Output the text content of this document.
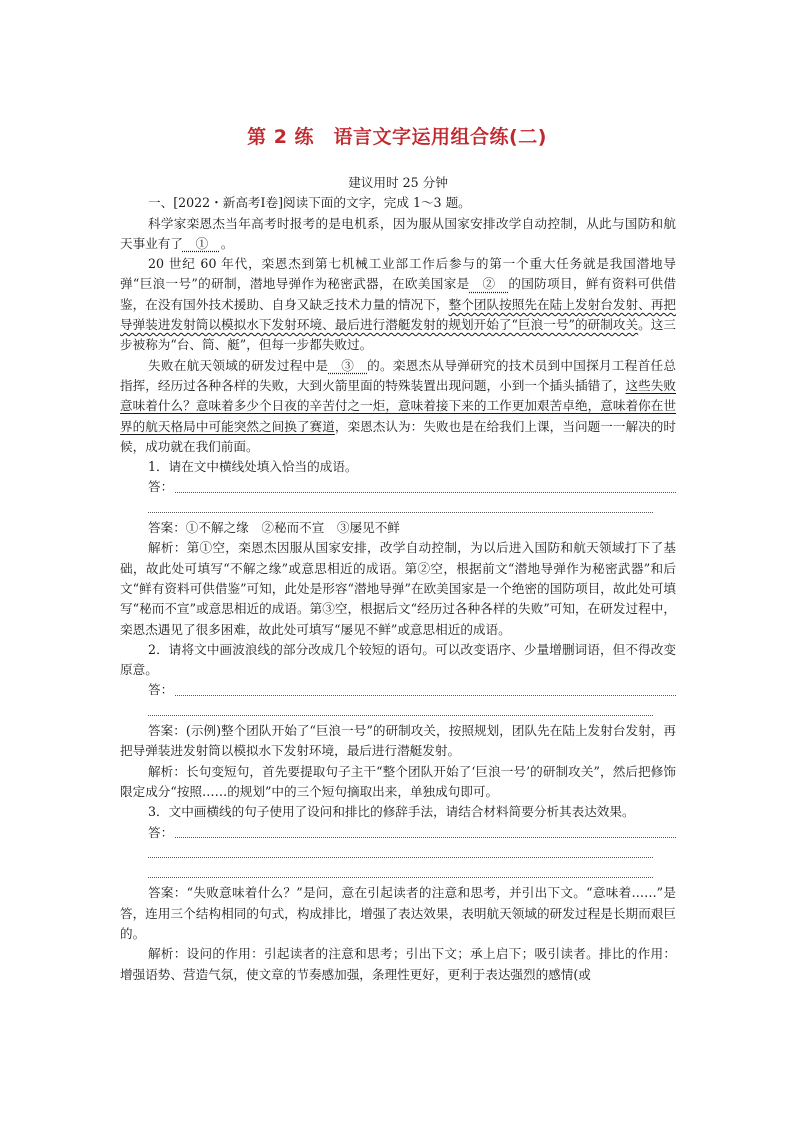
第 2 练　语言文字运用组合练(二)

建议用时 25 分钟

一、[2022・新高考Ⅰ卷]阅读下面的文字，完成 1～3 题。

科学家栾恩杰当年高考时报考的是电机系，因为服从国家安排改学自动控制，从此与国防和航天事业有了　①　。

20 世纪 60 年代，栾恩杰到第七机械工业部工作后参与的第一个重大任务就是我国潜地导弹“巨浪一号”的研制，潜地导弹作为秘密武器，在欧美国家是　②　的国防项目，鲜有资料可供借鉴，在没有国外技术援助、自身又缺乏技术力量的情况下，整个团队按照先在陆上发射台发射、再把导弹装进发射筒以模拟水下发射环境、最后进行潜艇发射的规划开始了“巨浪一号”的研制攻关。这三步被称为“台、筒、艇”，但每一步都失败过。

失败在航天领域的研发过程中是　③　的。栾恩杰从导弹研究的技术员到中国探月工程首任总指挥，经历过各种各样的失败，大到火箭里面的特殊装置出现问题，小到一个插头插错了，这些失败意味着什么？意味着多少个日夜的辛苦付之一炬，意味着接下来的工作更加艰苦卓绝，意味着你在世界的航天格局中可能突然之间换了赛道，栾恩杰认为：失败也是在给我们上课，当问题一一解决的时候，成功就在我们前面。

1．请在文中横线处填入恰当的成语。

答：

答案：①不解之缘　②秘而不宣　③屡见不鲜

解析：第①空，栾恩杰因服从国家安排，改学自动控制，为以后进入国防和航天领域打下了基础，故此处可填写“不解之缘”或意思相近的成语。第②空，根据前文“潜地导弹作为秘密武器”和后文“鲜有资料可供借鉴”可知，此处是形容“潜地导弹”在欧美国家是一个绝密的国防项目，故此处可填写“秘而不宣”或意思相近的成语。第③空，根据后文“经历过各种各样的失败”可知，在研发过程中，栾恩杰遇见了很多困难，故此处可填写“屡见不鲜”或意思相近的成语。

2．请将文中画波浪线的部分改成几个较短的语句。可以改变语序、少量增删词语，但不得改变原意。

答：

答案：(示例)整个团队开始了“巨浪一号”的研制攻关，按照规划，团队先在陆上发射台发射，再把导弹装进发射筒以模拟水下发射环境，最后进行潜艇发射。

解析：长句变短句，首先要提取句子主干“整个团队开始了‘巨浪一号’的研制攻关”，然后把修饰限定成分“按照……的规划”中的三个短句摘取出来，单独成句即可。

3．文中画横线的句子使用了设问和排比的修辞手法，请结合材料简要分析其表达效果。

答：

答案：“失败意味着什么？”是问，意在引起读者的注意和思考，并引出下文。“意味着……”是答，连用三个结构相同的句式，构成排比，增强了表达效果，表明航天领域的研发过程是长期而艰巨的。

解析：设问的作用：引起读者的注意和思考；引出下文；承上启下；吸引读者。排比的作用：增强语势、营造气氛，使文章的节奏感加强，条理性更好，更利于表达强烈的感情(或
